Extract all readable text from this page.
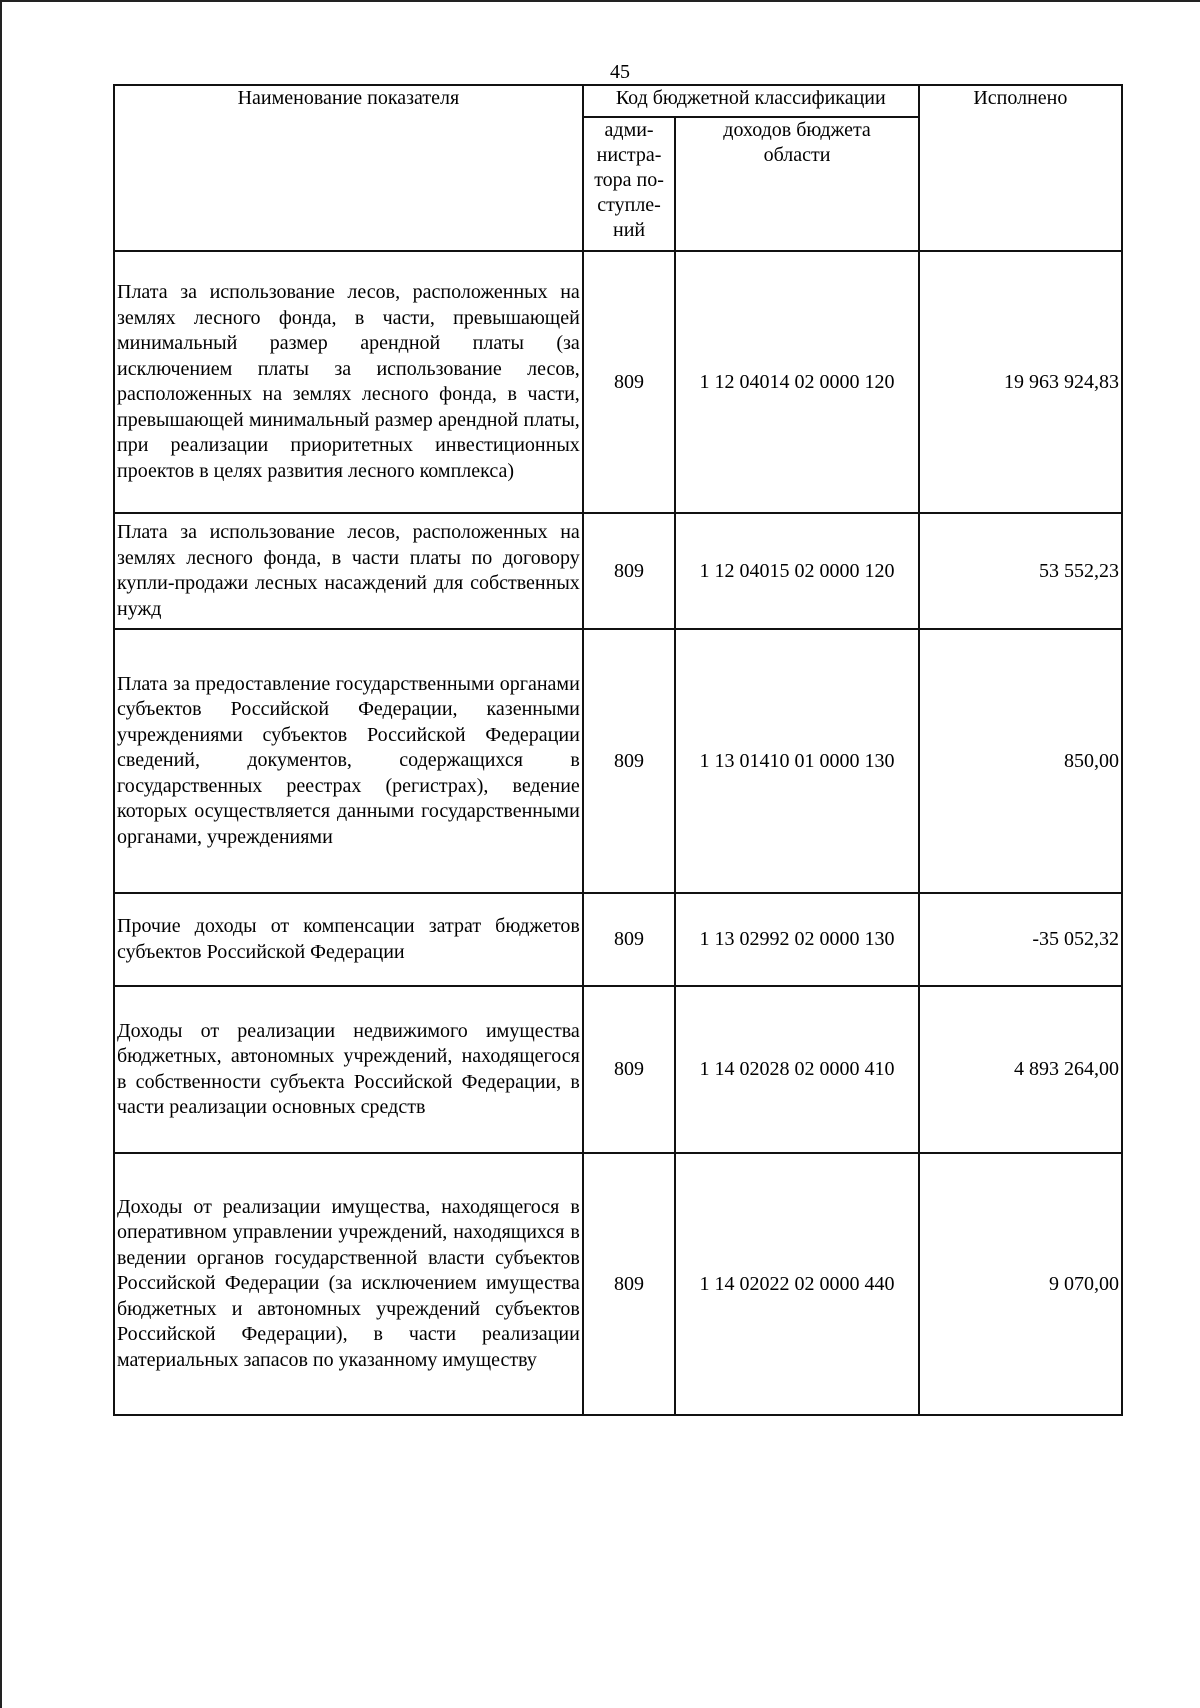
45
Наименование показателя	Код бюджетной классификации		Исполнено
	адми-
нистра-
тора по-
ступле-
ний	доходов бюджета
области	
Плата за использование лесов, расположенных на землях лесного фонда, в части, превышающей минимальный размер арендной платы (за исключением платы за использование лесов, расположенных на землях лесного фонда, в части, превышающей минимальный размер арендной платы, при реализации приоритетных инвестиционных проектов в целях развития лесного комплекса)	809	1 12 04014 02 0000 120	19 963 924,83
Плата за использование лесов, расположенных на землях лесного фонда, в части платы по договору купли-продажи лесных насаждений для собственных нужд	809	1 12 04015 02 0000 120	53 552,23
Плата за предоставление государственными органами субъектов Российской Федерации, казенными учреждениями субъектов Российской Федерации сведений, документов, содержащихся в государственных реестрах (регистрах), ведение которых осуществляется данными государственными органами, учреждениями	809	1 13 01410 01 0000 130	850,00
Прочие доходы от компенсации затрат бюджетов субъектов Российской Федерации	809	1 13 02992 02 0000 130	-35 052,32
Доходы от реализации недвижимого имущества бюджетных, автономных учреждений, находящегося в собственности субъекта Российской Федерации, в части реализации основных средств	809	1 14 02028 02 0000 410	4 893 264,00
Доходы от реализации имущества, находящегося в оперативном управлении учреждений, находящихся в ведении органов государственной власти субъектов Российской Федерации (за исключением имущества бюджетных и автономных учреждений субъектов Российской Федерации), в части реализации материальных запасов по указанному имуществу	809	1 14 02022 02 0000 440	9 070,00
